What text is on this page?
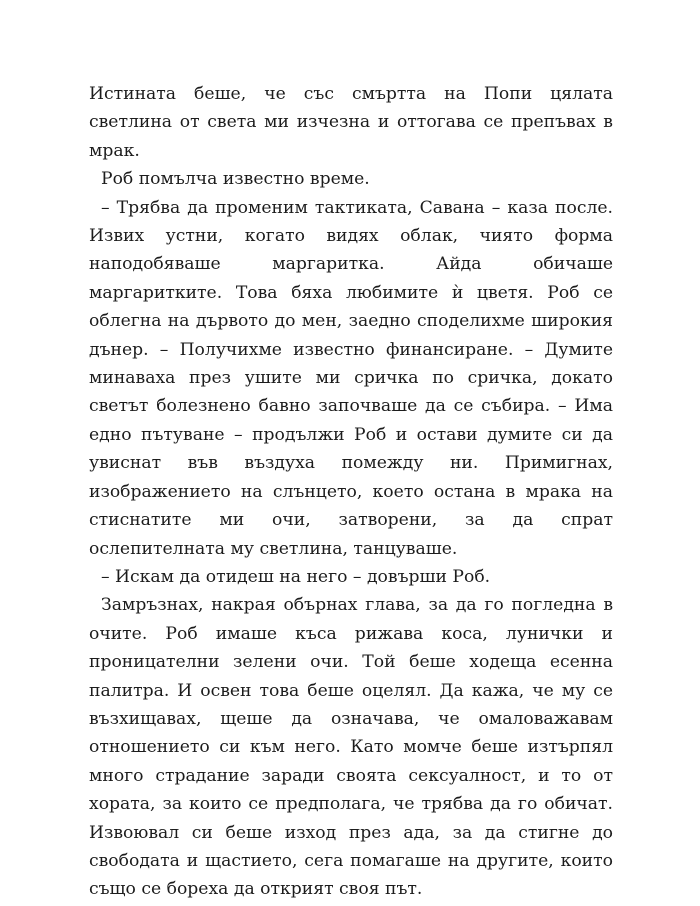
Истината беше, че със смъртта на Попи цялата светлина от света ми изчезна и оттогава се препъвах в мрак.

Роб помълча известно време.

– Трябва да променим тактиката, Савана – каза после. Извих устни, когато видях облак, чиято форма наподобяваше маргаритка. Айда обичаше маргаритките. Това бяха любимите ѝ цветя. Роб се облегна на дървото до мен, заедно споделихме широкия дънер. – Получихме известно финансиране. – Думите минаваха през ушите ми сричка по сричка, докато светът болезнено бавно започваше да се събира. – Има едно пътуване – продължи Роб и остави думите си да увиснат във въздуха помежду ни. Примигнах, изображението на слънцето, което остана в мрака на стиснатите ми очи, затворени, за да спрат ослепителната му светлина, танцуваше.

– Искам да отидеш на него – довърши Роб.

Замръзнах, накрая обърнах глава, за да го погледна в очите. Роб имаше къса рижава коса, лунички и проницателни зелени очи. Той беше ходеща есенна палитра. И освен това беше оцелял. Да кажа, че му се възхищавах, щеше да означава, че омаловажавам отношението си към него. Като момче беше изтърпял много страдание заради своята сексуалност, и то от хората, за които се предполага, че трябва да го обичат. Извоювал си беше изход през ада, за да стигне до свободата и щастието, сега помагаше на другите, които също се бореха да открият своя път.
